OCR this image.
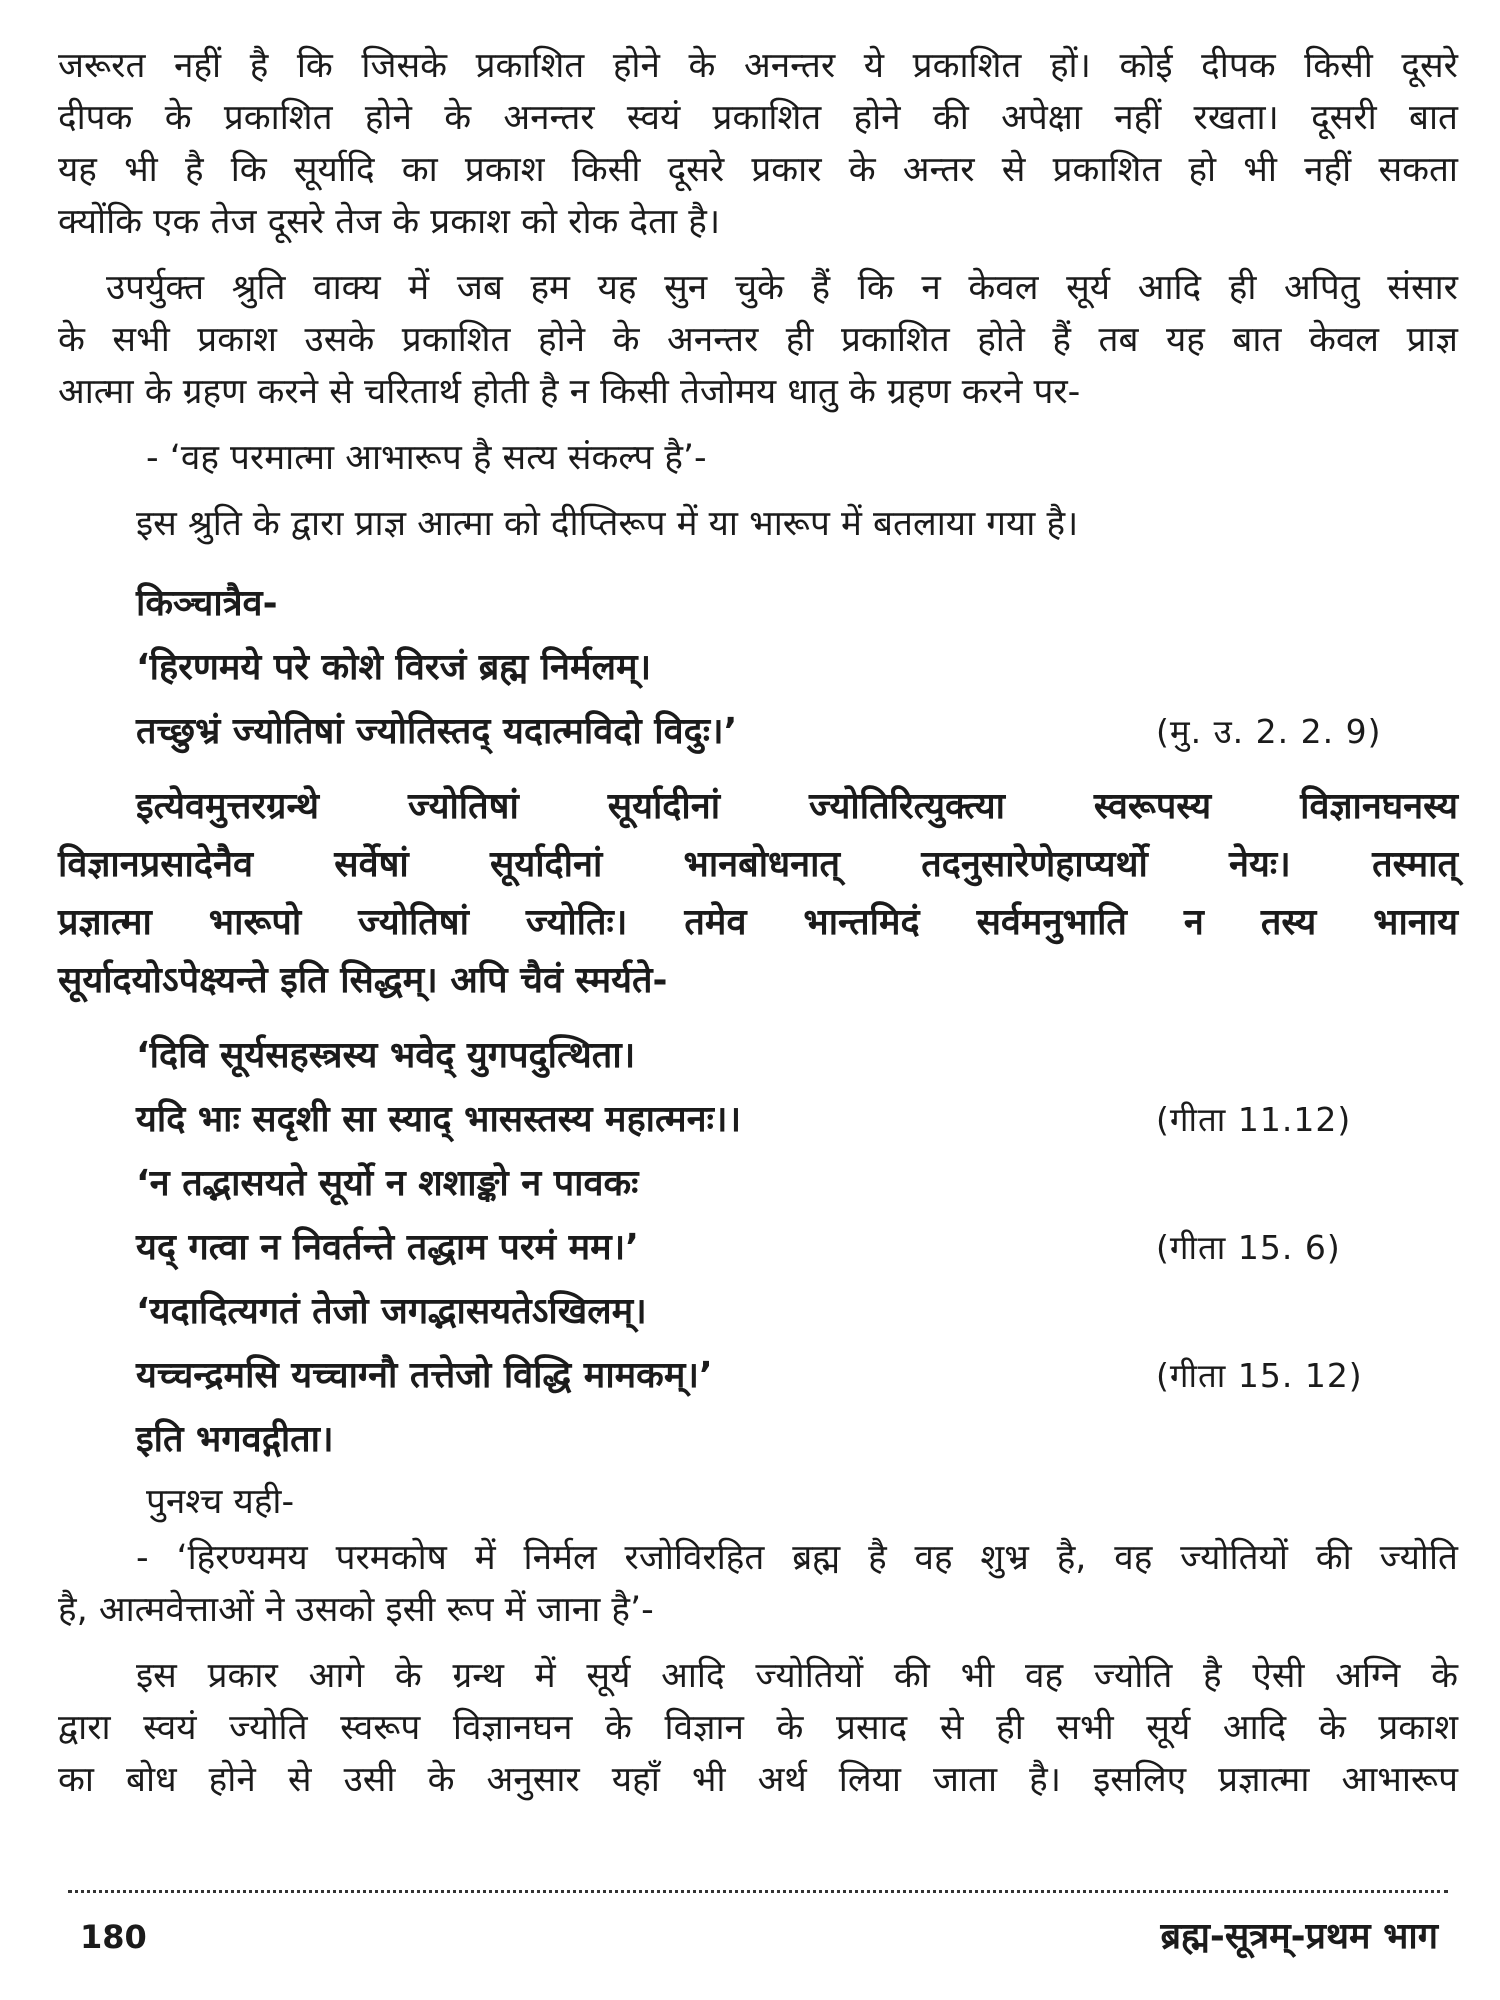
जरूरत नहीं है कि जिसके प्रकाशित होने के अनन्तर ये प्रकाशित हों। कोई दीपक किसी दूसरे
दीपक के प्रकाशित होने के अनन्तर स्वयं प्रकाशित होने की अपेक्षा नहीं रखता। दूसरी बात
यह भी है कि सूर्यादि का प्रकाश किसी दूसरे प्रकार के अन्तर से प्रकाशित हो भी नहीं सकता
क्योंकि एक तेज दूसरे तेज के प्रकाश को रोक देता है।

उपर्युक्त श्रुति वाक्य में जब हम यह सुन चुके हैं कि न केवल सूर्य आदि ही अपितु संसार
के सभी प्रकाश उसके प्रकाशित होने के अनन्तर ही प्रकाशित होते हैं तब यह बात केवल प्राज्ञ
आत्मा के ग्रहण करने से चरितार्थ होती है न किसी तेजोमय धातु के ग्रहण करने पर-

- ‘वह परमात्मा आभारूप है सत्य संकल्प है’-

इस श्रुति के द्वारा प्राज्ञ आत्मा को दीप्तिरूप में या भारूप में बतलाया गया है।

किञ्चात्रैव-
‘हिरणमये परे कोशे विरजं ब्रह्म निर्मलम्।
तच्छुभ्रं ज्योतिषां ज्योतिस्तद् यदात्मविदो विदुः।’	(मु. उ. 2. 2. 9)

इत्येवमुत्तरग्रन्थे ज्योतिषां सूर्यादीनां ज्योतिरित्युक्त्या स्वरूपस्य विज्ञानघनस्य
विज्ञानप्रसादेनैव सर्वेषां सूर्यादीनां भानबोधनात् तदनुसारेणेहाप्यर्थो नेयः। तस्मात्
प्रज्ञात्मा भारूपो ज्योतिषां ज्योतिः। तमेव भान्तमिदं सर्वमनुभाति न तस्य भानाय
सूर्यादयोऽपेक्ष्यन्ते इति सिद्धम्। अपि चैवं स्मर्यते-

‘दिवि सूर्यसहस्त्रस्य भवेद् युगपदुत्थिता।
यदि भाः सदृशी सा स्याद् भासस्तस्य महात्मनः।।	(गीता 11.12)
‘न तद्भासयते सूर्यो न शशाङ्को न पावकः
यद् गत्वा न निवर्तन्ते तद्धाम परमं मम।’	(गीता 15. 6)
‘यदादित्यगतं तेजो जगद्भासयतेऽखिलम्।
यच्चन्द्रमसि यच्चाग्नौ तत्तेजो विद्धि मामकम्।’	(गीता 15. 12)
इति भगवद्गीता।

पुनश्च यही-

- ‘हिरण्यमय परमकोष में निर्मल रजोविरहित ब्रह्म है वह शुभ्र है, वह ज्योतियों की ज्योति
है, आत्मवेत्ताओं ने उसको इसी रूप में जाना है’-

इस प्रकार आगे के ग्रन्थ में सूर्य आदि ज्योतियों की भी वह ज्योति है ऐसी अग्नि के
द्वारा स्वयं ज्योति स्वरूप विज्ञानघन के विज्ञान के प्रसाद से ही सभी सूर्य आदि के प्रकाश
का बोध होने से उसी के अनुसार यहाँ भी अर्थ लिया जाता है। इसलिए प्रज्ञात्मा आभारूप

180	ब्रह्म-सूत्रम्-प्रथम भाग
